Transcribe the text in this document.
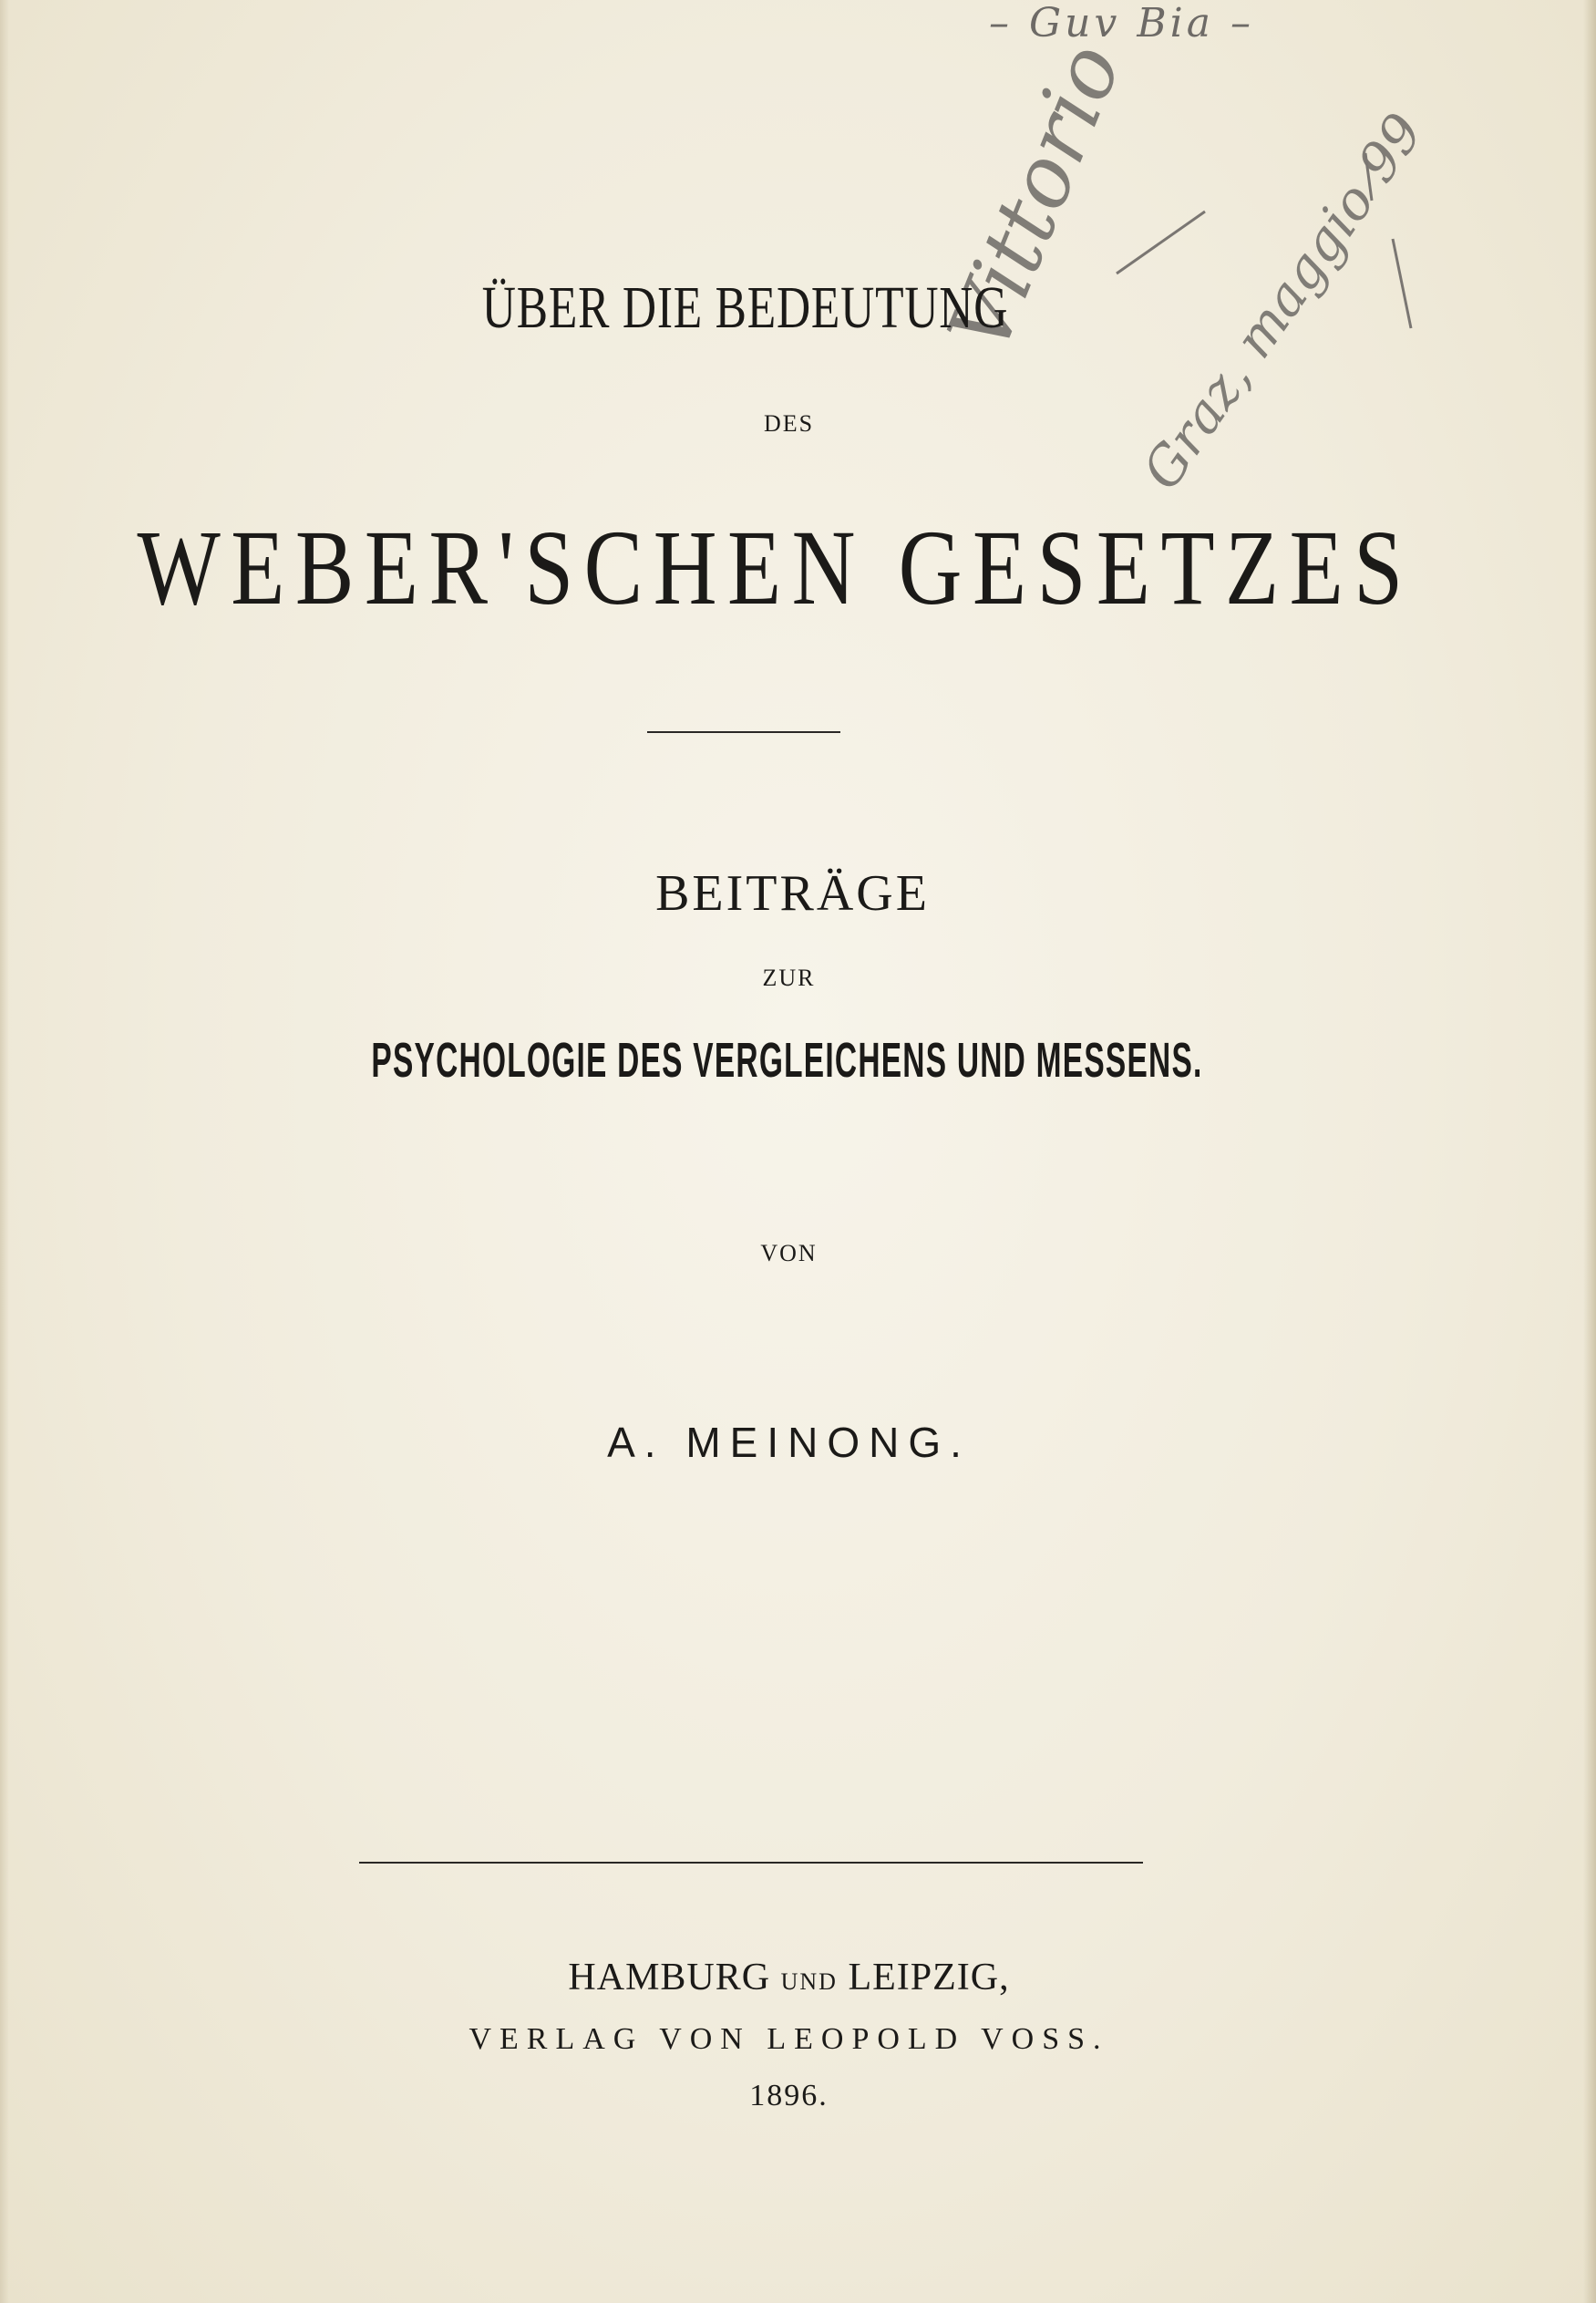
– Guv Bia –
Vittorio
Graz, maggio 99
ÜBER DIE BEDEUTUNG
DES
WEBER'SCHEN GESETZES
BEITRÄGE
ZUR
PSYCHOLOGIE DES VERGLEICHENS UND MESSENS.
VON
A. MEINONG.
HAMBURG UND LEIPZIG,
VERLAG VON LEOPOLD VOSS.
1896.
